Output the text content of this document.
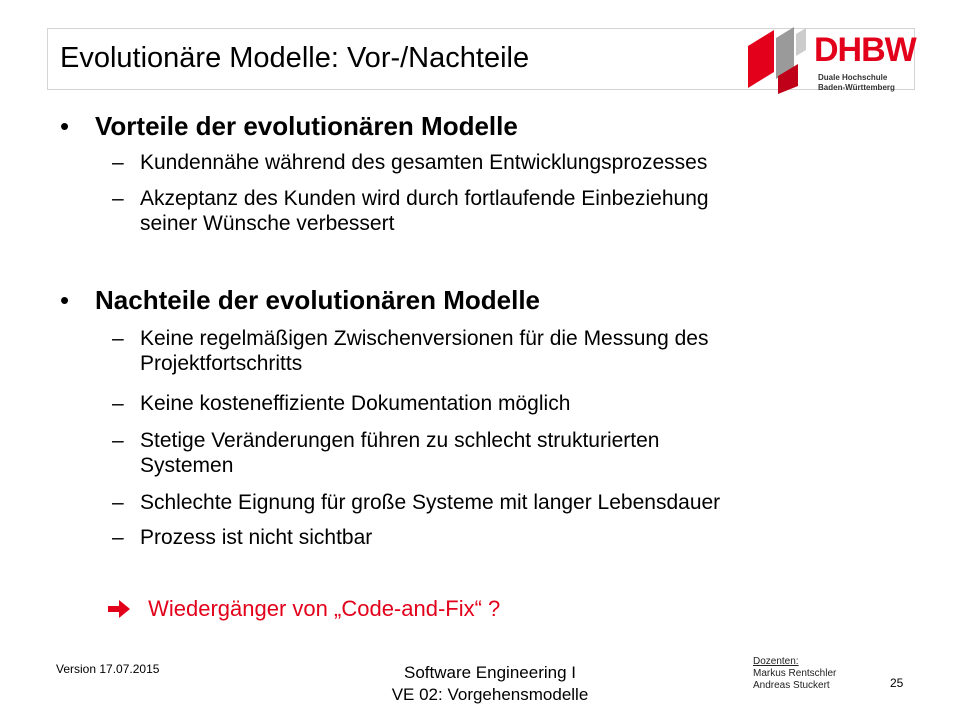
Evolutionäre Modelle: Vor-/Nachteile	DHBW
Duale Hochschule
Baden-Württemberg
• Vorteile der evolutionären Modelle
– Kundennähe während des gesamten Entwicklungsprozesses
– Akzeptanz des Kunden wird durch fortlaufende Einbeziehung
seiner Wünsche verbessert
• Nachteile der evolutionären Modelle
– Keine regelmäßigen Zwischenversionen für die Messung des
Projektfortschritts
– Keine kosteneffiziente Dokumentation möglich
– Stetige Veränderungen führen zu schlecht strukturierten
Systemen
– Schlechte Eignung für große Systeme mit langer Lebensdauer
– Prozess ist nicht sichtbar
Wiedergänger von „Code-and-Fix“ ?
Version 17.07.2015	Software Engineering I
VE 02: Vorgehensmodelle
Dozenten:
Markus Rentschler
Andreas Stuckert	25
